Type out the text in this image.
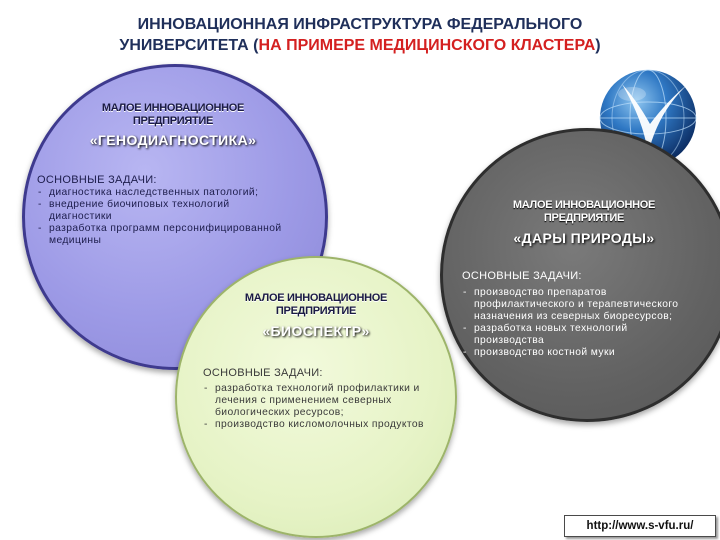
ИННОВАЦИОННАЯ ИНФРАСТРУКТУРА ФЕДЕРАЛЬНОГО
УНИВЕРСИТЕТА (НА ПРИМЕРЕ МЕДИЦИНСКОГО КЛАСТЕРА)
МАЛОЕ ИННОВАЦИОННОЕ
ПРЕДПРИЯТИЕ
«ГЕНОДИАГНОСТИКА»
ОСНОВНЫЕ ЗАДАЧИ:
- диагностика наследственных патологий;
- внедрение биочиповых технологий диагностики
- разработка программ персонифицированной медицины
МАЛОЕ ИННОВАЦИОННОЕ
ПРЕДПРИЯТИЕ
«ДАРЫ ПРИРОДЫ»
ОСНОВНЫЕ ЗАДАЧИ:
- производство препаратов профилактического и терапевтического назначения из северных биоресурсов;
- разработка новых технологий производства
- производство костной муки
МАЛОЕ ИННОВАЦИОННОЕ
ПРЕДПРИЯТИЕ
«БИОСПЕКТР»
ОСНОВНЫЕ ЗАДАЧИ:
- разработка технологий профилактики и лечения с применением северных биологических ресурсов;
- производство кисломолочных продуктов
http://www.s-vfu.ru/
